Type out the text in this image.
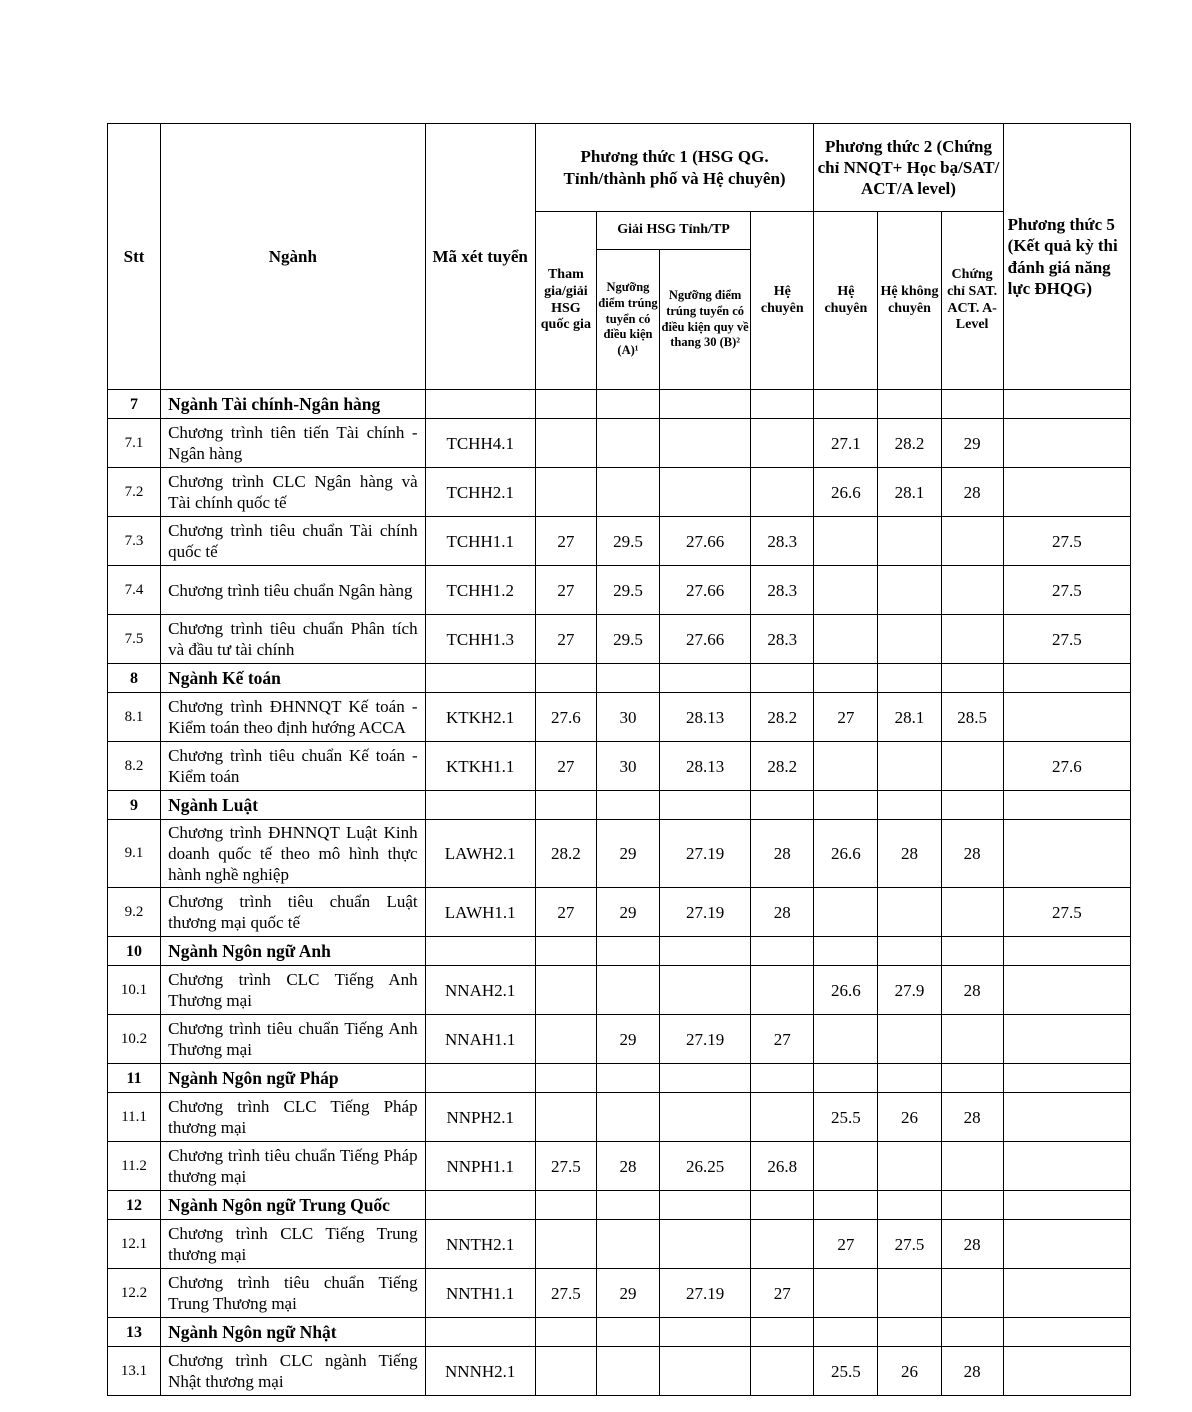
Stt	Ngành	Mã xét tuyển	Phương thức 1 (HSG QG. Tỉnh/thành phố và Hệ chuyên)				Phương thức 2 (Chứng chỉ NNQT+ Học bạ/SAT/ ACT/A level)			Phương thức 5 (Kết quả kỳ thi đánh giá năng lực ĐHQG)
			Tham gia/giải HSG quốc gia	Giải HSG Tỉnh/TP		Hệ chuyên	Hệ chuyên	Hệ không chuyên	Chứng chỉ SAT. ACT. A-Level	
				Ngưỡng điểm trúng tuyển có điều kiện (A)¹	Ngưỡng điểm trúng tuyển có điều kiện quy về thang 30 (B)²					
7	Ngành Tài chính-Ngân hàng									
7.1	Chương trình tiên tiến Tài chính - Ngân hàng	TCHH4.1					27.1	28.2	29	
7.2	Chương trình CLC Ngân hàng và Tài chính quốc tế	TCHH2.1					26.6	28.1	28	
7.3	Chương trình tiêu chuẩn Tài chính quốc tế	TCHH1.1	27	29.5	27.66	28.3				27.5
7.4	Chương trình tiêu chuẩn Ngân hàng	TCHH1.2	27	29.5	27.66	28.3				27.5
7.5	Chương trình tiêu chuẩn Phân tích và đầu tư tài chính	TCHH1.3	27	29.5	27.66	28.3				27.5
8	Ngành Kế toán									
8.1	Chương trình ĐHNNQT Kế toán - Kiểm toán theo định hướng ACCA	KTKH2.1	27.6	30	28.13	28.2	27	28.1	28.5	
8.2	Chương trình tiêu chuẩn Kế toán - Kiểm toán	KTKH1.1	27	30	28.13	28.2				27.6
9	Ngành Luật									
9.1	Chương trình ĐHNNQT Luật Kinh doanh quốc tế theo mô hình thực hành nghề nghiệp	LAWH2.1	28.2	29	27.19	28	26.6	28	28	
9.2	Chương trình tiêu chuẩn Luật thương mại quốc tế	LAWH1.1	27	29	27.19	28				27.5
10	Ngành Ngôn ngữ Anh									
10.1	Chương trình CLC Tiếng Anh Thương mại	NNAH2.1					26.6	27.9	28	
10.2	Chương trình tiêu chuẩn Tiếng Anh Thương mại	NNAH1.1		29	27.19	27				
11	Ngành Ngôn ngữ Pháp									
11.1	Chương trình CLC Tiếng Pháp thương mại	NNPH2.1					25.5	26	28	
11.2	Chương trình tiêu chuẩn Tiếng Pháp thương mại	NNPH1.1	27.5	28	26.25	26.8				
12	Ngành Ngôn ngữ Trung Quốc									
12.1	Chương trình CLC Tiếng Trung thương mại	NNTH2.1					27	27.5	28	
12.2	Chương trình tiêu chuẩn Tiếng Trung Thương mại	NNTH1.1	27.5	29	27.19	27				
13	Ngành Ngôn ngữ Nhật									
13.1	Chương trình CLC ngành Tiếng Nhật thương mại	NNNH2.1					25.5	26	28	
